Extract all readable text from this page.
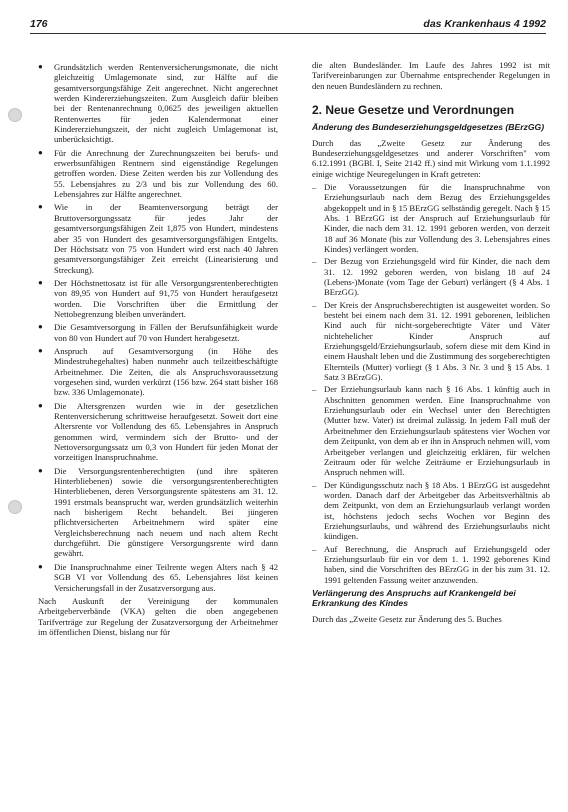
176	das Krankenhaus 4 1992
● Grundsätzlich werden Rentenversicherungsmonate, die nicht gleichzeitig Umlagemonate sind, zur Hälfte auf die gesamtversorgungsfähige Zeit angerechnet. Nicht angerechnet werden Kindererziehungszeiten. Zum Ausgleich dafür bleiben bei der Rentenanrechnung 0,0625 des jeweiligen aktuellen Rentenwertes für jeden Kalendermonat einer Kindererziehungszeit, der nicht zugleich Umlagemonat ist, unberücksichtigt.
● Für die Anrechnung der Zurechnungszeiten bei berufs- und erwerbsunfähigen Rentnern sind eigenständige Regelungen getroffen worden. Diese Zeiten werden bis zur Vollendung des 55. Lebensjahres zu 2/3 und bis zur Vollendung des 60. Lebensjahres zur Hälfte angerechnet.
● Wie in der Beamtenversorgung beträgt der Bruttoversorgungssatz für jedes Jahr der gesamtversorgungsfähigen Zeit 1,875 von Hundert, mindestens aber 35 von Hundert des gesamtversorgungsfähigen Entgelts. Der Höchstsatz von 75 von Hundert wird erst nach 40 Jahren gesamtversorgungsfähiger Zeit erreicht (Linearisierung und Streckung).
● Der Höchstnettosatz ist für alle Versorgungsrentenberechtigten von 89,95 von Hundert auf 91,75 von Hundert heraufgesetzt worden. Die Vorschriften über die Ermittlung der Nettobegrenzung bleiben unverändert.
● Die Gesamtversorgung in Fällen der Berufsunfähigkeit wurde von 80 von Hundert auf 70 von Hundert herabgesetzt.
● Anspruch auf Gesamtversorgung (in Höhe des Mindestruhegehaltes) haben nunmehr auch teilzeitbeschäftigte Arbeitnehmer. Die Zeiten, die als Anspruchsvoraussetzung vorgesehen sind, wurden verkürzt (156 bzw. 264 statt bisher 168 bzw. 336 Umlagemonate).
● Die Altersgrenzen wurden wie in der gesetzlichen Rentenversicherung schrittweise heraufgesetzt. Soweit dort eine Altersrente vor Vollendung des 65. Lebensjahres in Anspruch genommen wird, vermindern sich der Brutto- und der Nettoversorgungssatz um 0,3 von Hundert für jeden Monat der vorzeitigen Inanspruchnahme.
● Die Versorgungsrentenberechtigten (und ihre späteren Hinterbliebenen) sowie die versorgungsrentenberechtigten Hinterbliebenen, deren Versorgungsrente spätestens am 31. 12. 1991 erstmals beansprucht war, werden grundsätzlich weiterhin nach bisherigem Recht behandelt. Bei jüngeren pflichtversicherten Arbeitnehmern wird später eine Vergleichsberechnung nach neuem und nach altem Recht durchgeführt. Die günstigere Versorgungsrente wird dann gewährt.
● Die Inanspruchnahme einer Teilrente wegen Alters nach § 42 SGB VI vor Vollendung des 65. Lebensjahres löst keinen Versicherungsfall in der Zusatzversorgung aus.

Nach Auskunft der Vereinigung der kommunalen Arbeitgeberverbände (VKA) gelten die oben angegebenen Tarifverträge zur Regelung der Zusatzversorgung der Arbeitnehmer im öffentlichen Dienst, bislang nur für

die alten Bundesländer. Im Laufe des Jahres 1992 ist mit Tarifvereinbarungen zur Übernahme entsprechender Regelungen in den neuen Bundesländern zu rechnen.

2. Neue Gesetze und Verordnungen
Änderung des Bundeserziehungsgeldgesetzes (BErzGG)

Durch das „Zweite Gesetz zur Änderung des Bundeserziehungsgeldgesetzes und anderer Vorschriften" vom 6.12.1991 (BGBl. I, Seite 2142 ff.) sind mit Wirkung vom 1.1.1992 einige wichtige Neuregelungen in Kraft getreten:

– Die Voraussetzungen für die Inanspruchnahme von Erziehungsurlaub nach dem Bezug des Erziehungsgeldes abgekoppelt und in § 15 BErzGG selbständig geregelt. Nach § 15 Abs. 1 BErzGG ist der Anspruch auf Erziehungsurlaub für Kinder, die nach dem 31. 12. 1991 geboren werden, von derzeit 18 auf 36 Monate (bis zur Vollendung des 3. Lebensjahres eines Kindes) verlängert worden.
– Der Bezug von Erziehungsgeld wird für Kinder, die nach dem 31. 12. 1992 geboren werden, von bislang 18 auf 24 (Lebens-)Monate (vom Tage der Geburt) verlängert (§ 4 Abs. 1 BErzGG).
– Der Kreis der Anspruchsberechtigten ist ausgeweitet worden. So besteht bei einem nach dem 31. 12. 1991 geborenen, leiblichen Kind auch für nicht-sorgeberechtigte Väter und Väter nichtehelicher Kinder Anspruch auf Erziehungsgeld/Erziehungsurlaub, sofern diese mit dem Kind in einem Haushalt leben und die Zustimmung des sorgeberechtigten Elternteils (Mutter) vorliegt (§ 1 Abs. 3 Nr. 3 und § 15 Abs. 1 Satz 3 BErzGG).
– Der Erziehungsurlaub kann nach § 16 Abs. 1 künftig auch in Abschnitten genommen werden. Eine Inanspruchnahme von Erziehungsurlaub oder ein Wechsel unter den Berechtigten (Mutter bzw. Vater) ist dreimal zulässig. In jedem Fall muß der Arbeitnehmer den Erziehungsurlaub spätestens vier Wochen vor dem Zeitpunkt, von dem ab er ihn in Anspruch nehmen will, vom Arbeitgeber verlangen und gleichzeitig erklären, für welchen Zeitraum oder für welche Zeiträume er Erziehungsurlaub in Anspruch nehmen will.
– Der Kündigungsschutz nach § 18 Abs. 1 BErzGG ist ausgedehnt worden. Danach darf der Arbeitgeber das Arbeitsverhältnis ab dem Zeitpunkt, von dem an Erziehungsurlaub verlangt worden ist, höchstens jedoch sechs Wochen vor Beginn des Erziehungsurlaubs, und während des Erziehungsurlaubs nicht kündigen.
– Auf Berechnung, die Anspruch auf Erziehungsgeld oder Erziehungsurlaub für ein vor dem 1. 1. 1992 geborenes Kind haben, sind die Vorschriften des BErzGG in der bis zum 31. 12. 1991 geltenden Fassung weiter anzuwenden.
Verlängerung des Anspruchs auf Krankengeld bei Erkrankung des Kindes

Durch das „Zweite Gesetz zur Änderung des 5. Buches
